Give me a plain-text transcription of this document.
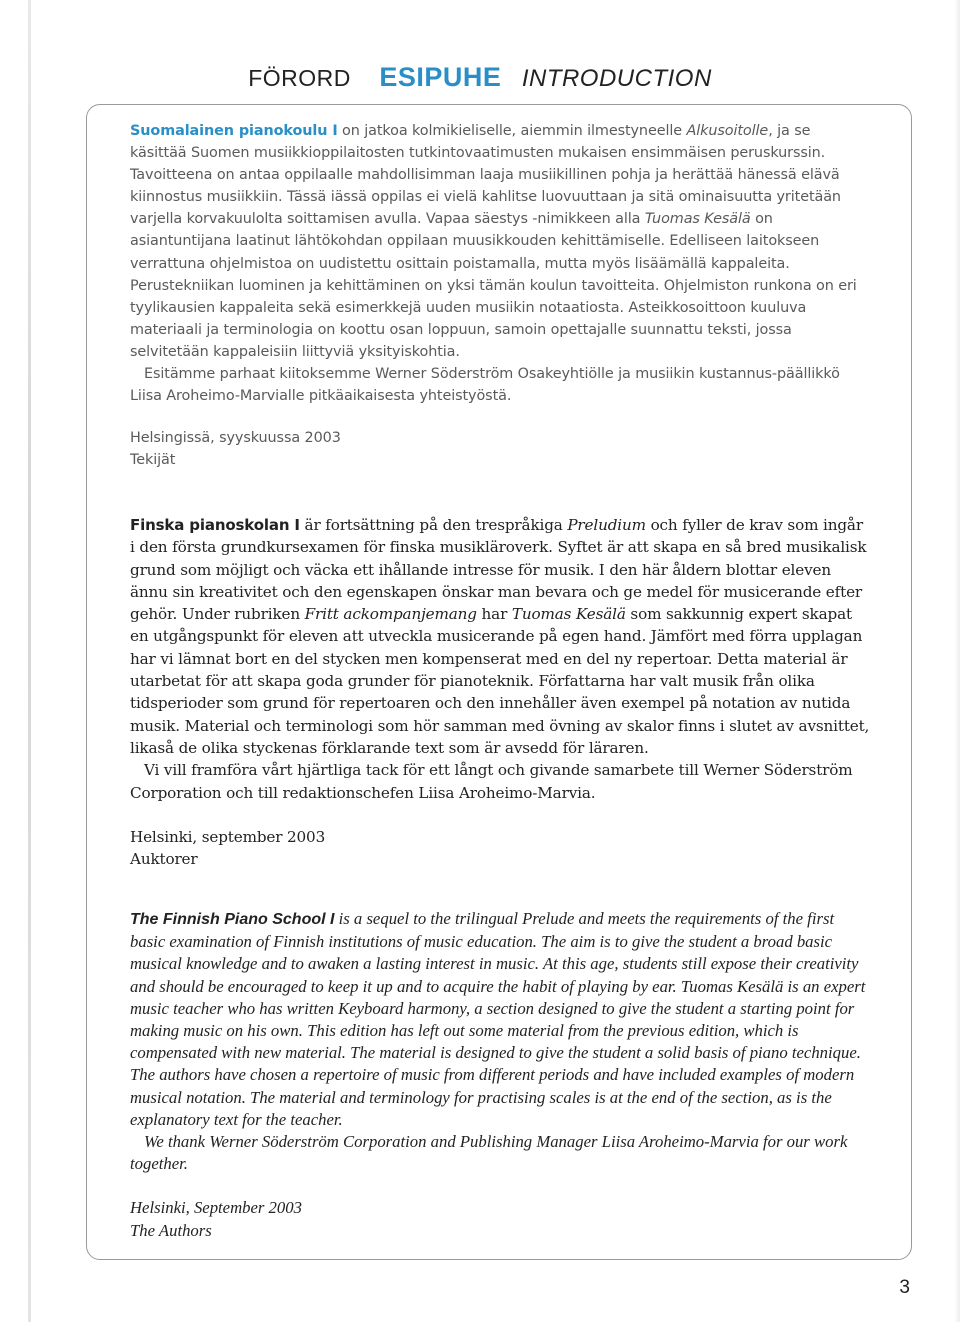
FÖRORD ESIPUHE INTRODUCTION

Suomalainen pianokoulu I on jatkoa kolmikieliselle, aiemmin ilmestyneelle Alkusoitolle, ja se käsittää Suomen musiikkioppilaitosten tutkintovaatimusten mukaisen ensimmäisen peruskurssin. Tavoitteena on antaa oppilaalle mahdollisimman laaja musiikillinen pohja ja herättää hänessä elävä kiinnostus musiikkiin. Tässä iässä oppilas ei vielä kahlitse luovuuttaan ja sitä ominaisuutta yritetään varjella korvakuulolta soittamisen avulla. Vapaa säestys -nimikkeen alla Tuomas Kesälä on asiantuntijana laatinut lähtökohdan oppilaan muusikkouden kehittämiselle. Edelliseen laitokseen verrattuna ohjelmistoa on uudistettu osittain poistamalla, mutta myös lisäämällä kappaleita. Perustekniikan luominen ja kehittäminen on yksi tämän koulun tavoitteita. Ohjelmiston runkona on eri tyylikausien kappaleita sekä esimerkkejä uuden musiikin notaatiosta. Asteikkosoittoon kuuluva materiaali ja terminologia on koottu osan loppuun, samoin opettajalle suunnattu teksti, jossa selvitetään kappaleisiin liittyviä yksityiskohtia.

Esitämme parhaat kiitoksemme Werner Söderström Osakeyhtiölle ja musiikin kustannus-päällikkö Liisa Aroheimo-Marvialle pitkäaikaisesta yhteistyöstä.

Helsingissä, syyskuussa 2003

Tekijät

Finska pianoskolan I är fortsättning på den trespråkiga Preludium och fyller de krav som ingår i den första grundkursexamen för finska musikläroverk. Syftet är att skapa en så bred musikalisk grund som möjligt och väcka ett ihållande intresse för musik. I den här åldern blottar eleven ännu sin kreativitet och den egenskapen önskar man bevara och ge medel för musicerande efter gehör. Under rubriken Fritt ackompanjemang har Tuomas Kesälä som sakkunnig expert skapat en utgångspunkt för eleven att utveckla musicerande på egen hand. Jämfört med förra upplagan har vi lämnat bort en del stycken men kompenserat med en del ny repertoar. Detta material är utarbetat för att skapa goda grunder för pianoteknik. Författarna har valt musik från olika tidsperioder som grund för repertoaren och den innehåller även exempel på notation av nutida musik. Material och terminologi som hör samman med övning av skalor finns i slutet av avsnittet, likaså de olika styckenas förklarande text som är avsedd för läraren.

Vi vill framföra vårt hjärtliga tack för ett långt och givande samarbete till Werner Söderström Corporation och till redaktionschefen Liisa Aroheimo-Marvia.

Helsinki, september 2003

Auktorer

The Finnish Piano School I is a sequel to the trilingual Prelude and meets the requirements of the first basic examination of Finnish institutions of music education. The aim is to give the student a broad basic musical knowledge and to awaken a lasting interest in music. At this age, students still expose their creativity and should be encouraged to keep it up and to acquire the habit of playing by ear. Tuomas Kesälä is an expert music teacher who has written Keyboard harmony, a section designed to give the student a starting point for making music on his own. This edition has left out some material from the previous edition, which is compensated with new material. The material is designed to give the student a solid basis of piano technique. The authors have chosen a repertoire of music from different periods and have included examples of modern musical notation. The material and terminology for practising scales is at the end of the section, as is the explanatory text for the teacher.

We thank Werner Söderström Corporation and Publishing Manager Liisa Aroheimo-Marvia for our work together.

Helsinki, September 2003

The Authors

3
